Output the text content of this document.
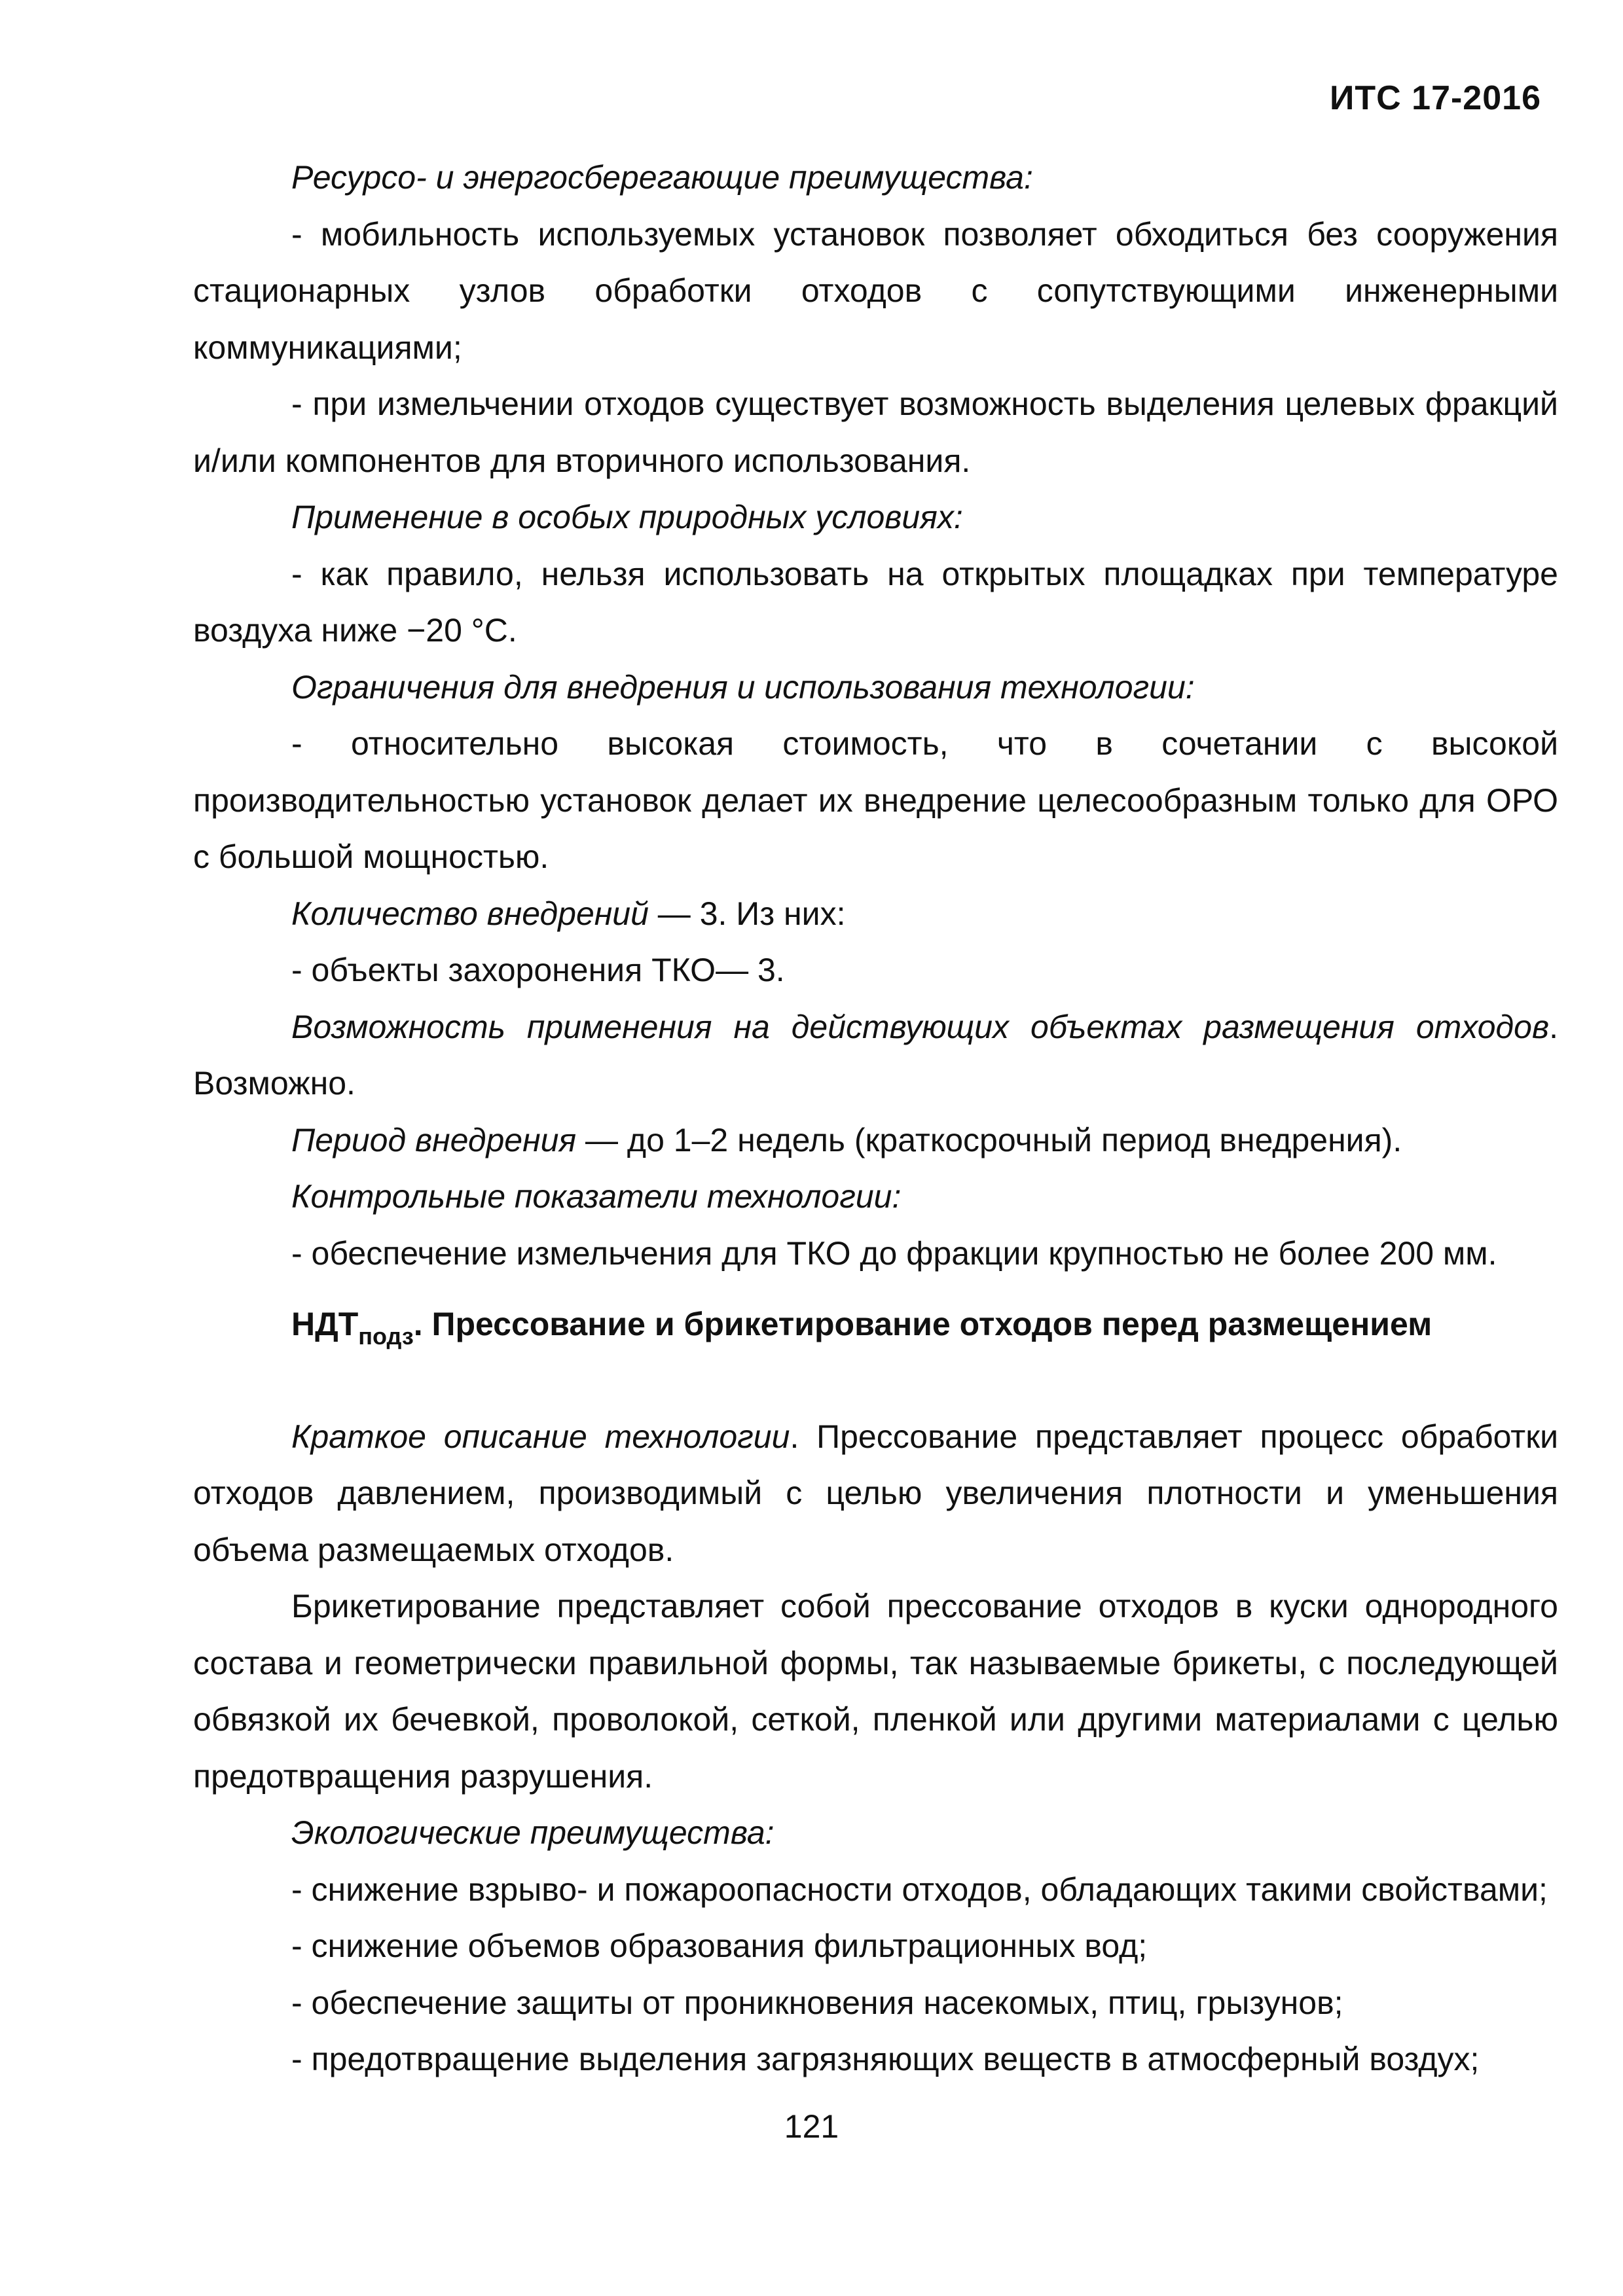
ИТС 17-2016

Ресурсо- и энергосберегающие преимущества:

- мобильность используемых установок позволяет обходиться без сооружения стационарных узлов обработки отходов с сопутствующими инженерными коммуникациями;

- при измельчении отходов существует возможность выделения целевых фракций и/или компонентов для вторичного использования.

Применение в особых природных условиях:

- как правило, нельзя использовать на открытых площадках при температуре воздуха ниже −20 °С.

Ограничения для внедрения и использования технологии:

- относительно высокая стоимость, что в сочетании с высокой производительностью установок делает их внедрение целесообразным только для ОРО с большой мощностью.

Количество внедрений — 3. Из них:

- объекты захоронения ТКО— 3.

Возможность применения на действующих объектах размещения отходов. Возможно.

Период внедрения — до 1–2 недель (краткосрочный период внедрения).

Контрольные показатели технологии:

- обеспечение измельчения для ТКО до фракции крупностью не более 200 мм.

$НДТ_{подз}$. Прессование и брикетирование отходов перед размещением

Краткое описание технологии. Прессование представляет процесс обработки отходов давлением, производимый с целью увеличения плотности и уменьшения объема размещаемых отходов.

Брикетирование представляет собой прессование отходов в куски однородного состава и геометрически правильной формы, так называемые брикеты, с последующей обвязкой их бечевкой, проволокой, сеткой, пленкой или другими материалами с целью предотвращения разрушения.

Экологические преимущества:

- снижение взрыво- и пожароопасности отходов, обладающих такими свойствами;

- снижение объемов образования фильтрационных вод;

- обеспечение защиты от проникновения насекомых, птиц, грызунов;

- предотвращение выделения загрязняющих веществ в атмосферный воздух;

121
